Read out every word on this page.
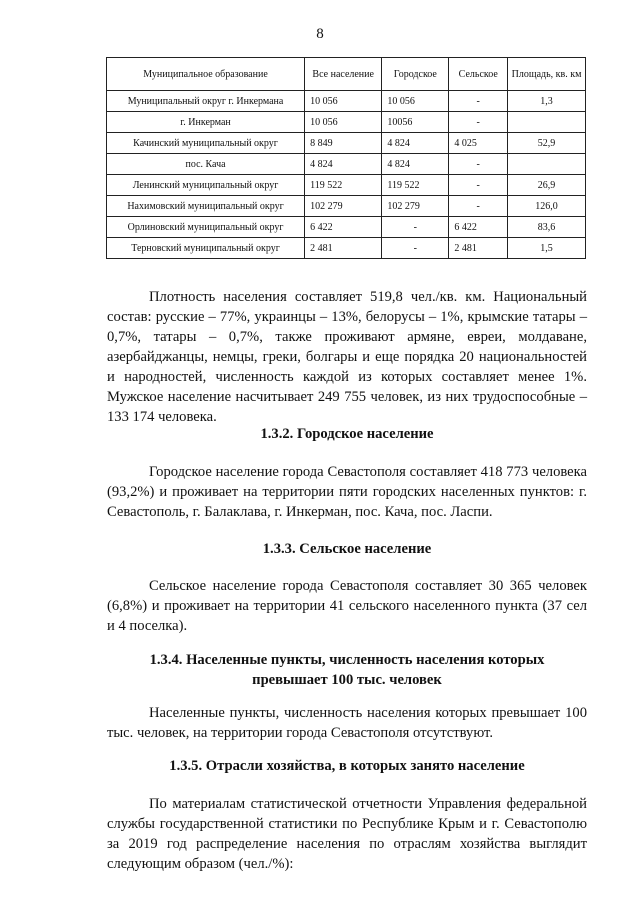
8
Муниципальное образование	Все население	Городское	Сельское	Площадь, кв. км
Муниципальный округ г. Инкермана	10 056	10 056	-	1,3
г. Инкерман	10 056	10056	-	
Качинский муниципальный округ	8 849	4 824	4 025	52,9
пос. Кача	4 824	4 824	-	
Ленинский муниципальный округ	119 522	119 522	-	26,9
Нахимовский муниципальный округ	102 279	102 279	-	126,0
Орлиновский муниципальный округ	6 422	-	6 422	83,6
Терновский муниципальный округ	2 481	-	2 481	1,5
Плотность населения составляет 519,8 чел./кв. км. Национальный состав: русские – 77%, украинцы – 13%, белорусы – 1%, крымские татары – 0,7%, татары – 0,7%, также проживают армяне, евреи, молдаване, азербайджанцы, немцы, греки, болгары и еще порядка 20 национальностей и народностей, численность каждой из которых составляет менее 1%. Мужское население насчитывает 249 755 человек, из них трудоспособные – 133 174 человека.
1.3.2. Городское население
Городское население города Севастополя составляет 418 773 человека (93,2%) и проживает на территории пяти городских населенных пунктов: г. Севастополь, г. Балаклава, г. Инкерман, пос. Кача, пос. Ласпи.
1.3.3. Сельское население
Сельское население города Севастополя составляет 30 365 человек (6,8%) и проживает на территории 41 сельского населенного пункта (37 сел и 4 поселка).
1.3.4. Населенные пункты, численность населения которых
превышает 100 тыс. человек
Населенные пункты, численность населения которых превышает 100 тыс. человек, на территории города Севастополя отсутствуют.
1.3.5. Отрасли хозяйства, в которых занято население
По материалам статистической отчетности Управления федеральной службы государственной статистики по Республике Крым и г. Севастополю за 2019 год распределение населения по отраслям хозяйства выглядит следующим образом (чел./%):
